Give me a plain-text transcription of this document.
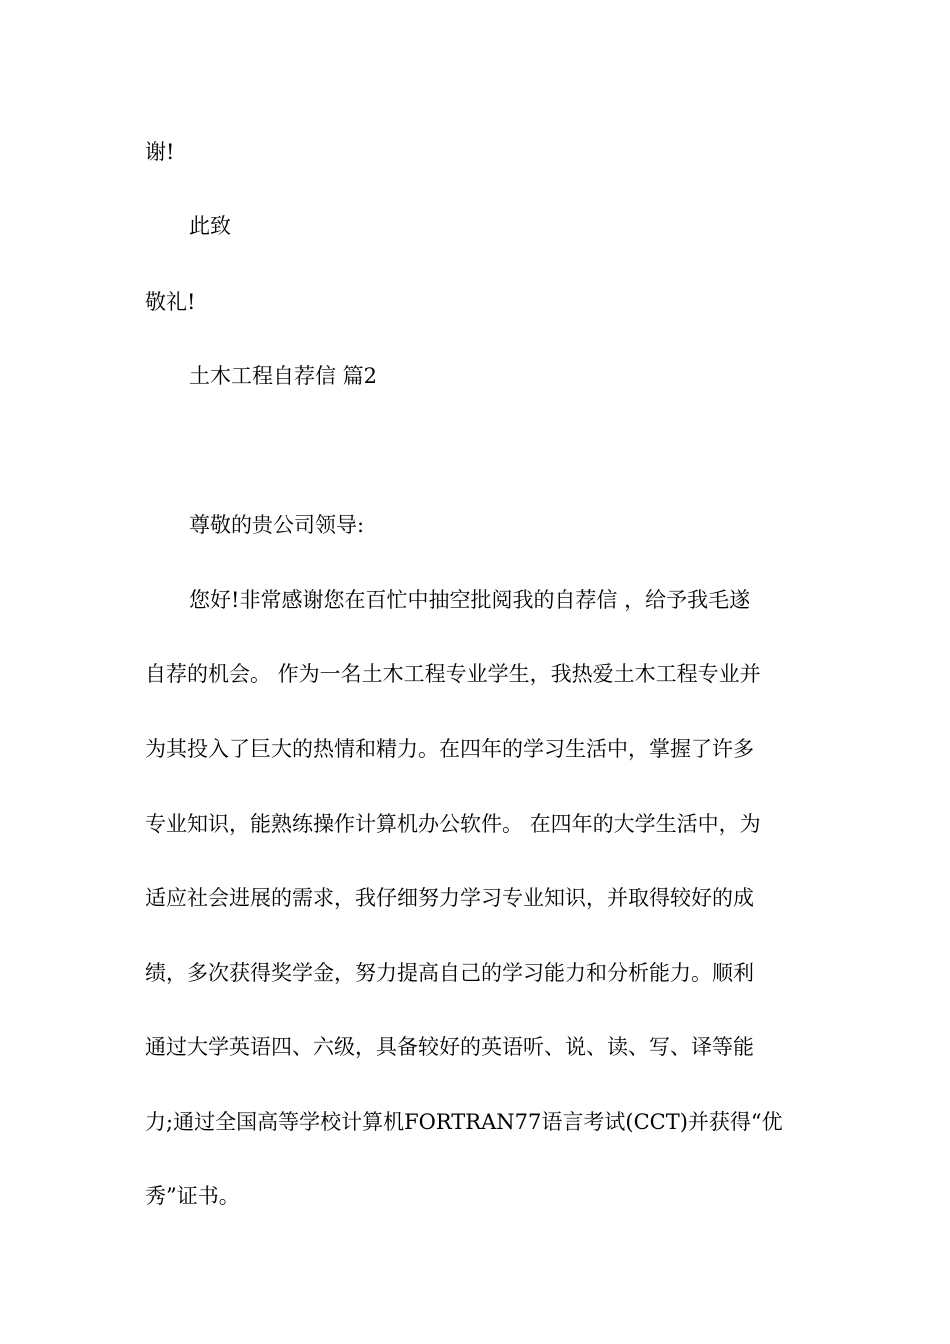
谢!

此致

敬礼!

土木工程自荐信 篇2

尊敬的贵公司领导:

您好!非常感谢您在百忙中抽空批阅我的自荐信 ，给予我毛遂

自荐的机会。 作为一名土木工程专业学生，我热爱土木工程专业并

为其投入了巨大的热情和精力。在四年的学习生活中，掌握了许多

专业知识，能熟练操作计算机办公软件。 在四年的大学生活中，为

适应社会进展的需求，我仔细努力学习专业知识，并取得较好的成

绩，多次获得奖学金，努力提高自己的学习能力和分析能力。顺利

通过大学英语四、六级，具备较好的英语听、说、读、写、译等能

力;通过全国高等学校计算机FORTRAN77语言考试(CCT)并获得“优

秀”证书。
